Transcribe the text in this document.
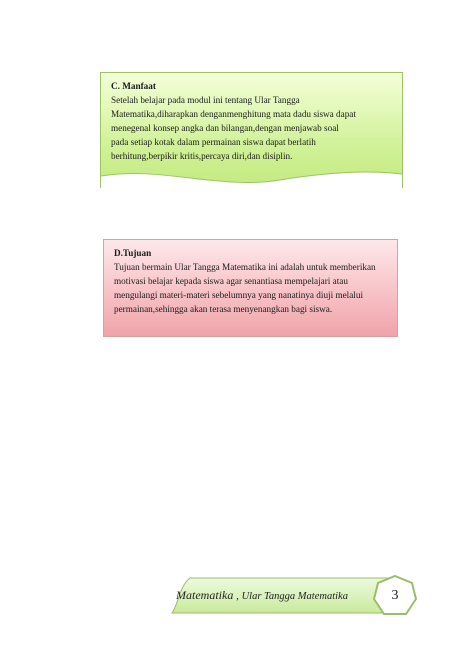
C. Manfaat
Setelah belajar pada modul ini tentang Ular Tangga
Matematika,diharapkan denganmenghitung mata dadu siswa dapat
menegenal konsep angka dan bilangan,dengan menjawab soal
pada setiap kotak dalam permainan siswa dapat berlatih
berhitung,berpikir kritis,percaya diri,dan disiplin.
D.Tujuan
Tujuan bermain Ular Tangga Matematika ini adalah untuk memberikan
motivasi belajar kepada siswa agar senantiasa mempelajari atau
mengulangi materi-materi sebelumnya yang nanatinya diuji melalui
permainan,sehingga akan terasa menyenangkan bagi siswa.
Matematika , Ular Tangga Matematika	3
